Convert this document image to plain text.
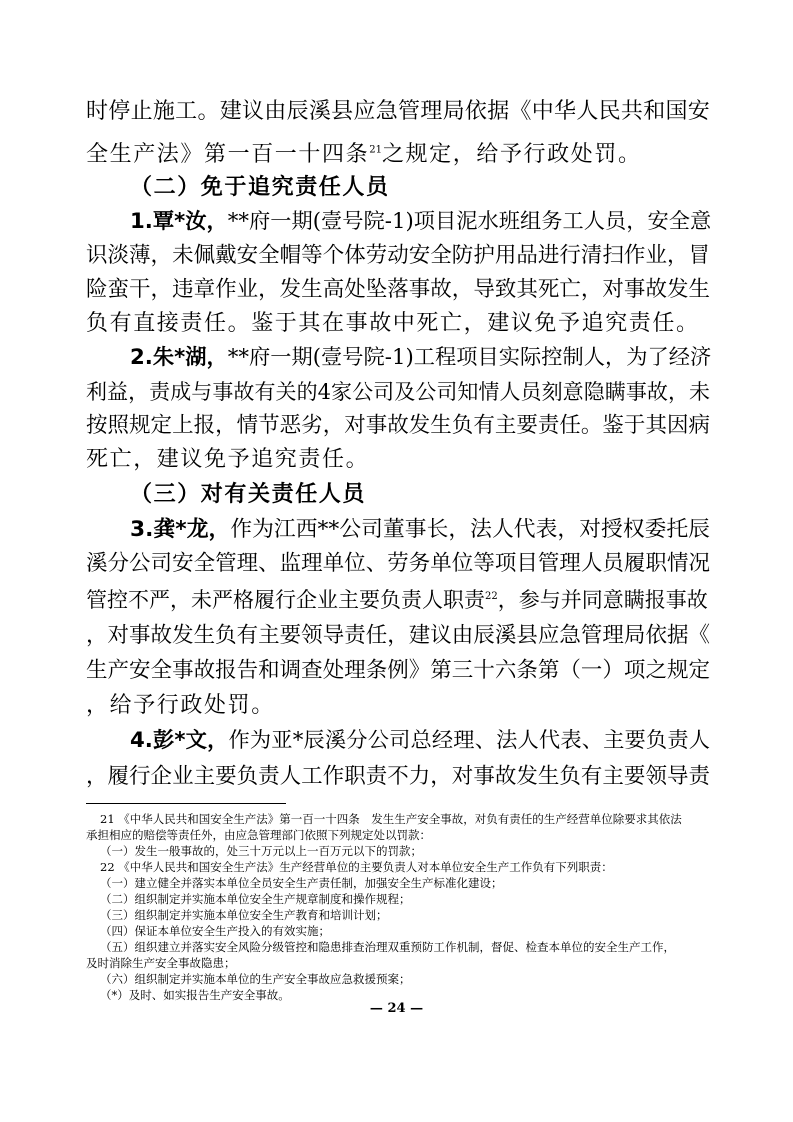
时停止施工。建议由辰溪县应急管理局依据《中华人民共和国安
全生产法》第一百一十四条$^{21}$之规定，给予行政处罚。
（二）免于追究责任人员
1.覃*汝，**府一期(壹号院-1)项目泥水班组务工人员，安全意
识淡薄，未佩戴安全帽等个体劳动安全防护用品进行清扫作业，冒
险蛮干，违章作业，发生高处坠落事故，导致其死亡，对事故发生
负有直接责任。鉴于其在事故中死亡，建议免予追究责任。
2.朱*湖，**府一期(壹号院-1)工程项目实际控制人，为了经济
利益，责成与事故有关的4家公司及公司知情人员刻意隐瞒事故，未
按照规定上报，情节恶劣，对事故发生负有主要责任。鉴于其因病
死亡，建议免予追究责任。
（三）对有关责任人员
3.龚*龙，作为江西**公司董事长，法人代表，对授权委托辰
溪分公司安全管理、监理单位、劳务单位等项目管理人员履职情况
管控不严，未严格履行企业主要负责人职责$^{22}$，参与并同意瞒报事故
，对事故发生负有主要领导责任，建议由辰溪县应急管理局依据《
生产安全事故报告和调查处理条例》第三十六条第（一）项之规定
，给予行政处罚。
4.彭*文，作为亚*辰溪分公司总经理、法人代表、主要负责人
，履行企业主要负责人工作职责不力，对事故发生负有主要领导责
21 《中华人民共和国安全生产法》第一百一十四条　发生生产安全事故，对负有责任的生产经营单位除要求其依法
承担相应的赔偿等责任外，由应急管理部门依照下列规定处以罚款：
（一）发生一般事故的，处三十万元以上一百万元以下的罚款；
22 《中华人民共和国安全生产法》生产经营单位的主要负责人对本单位安全生产工作负有下列职责：
（一）建立健全并落实本单位全员安全生产责任制，加强安全生产标准化建设；
（二）组织制定并实施本单位安全生产规章制度和操作规程；
（三）组织制定并实施本单位安全生产教育和培训计划；
（四）保证本单位安全生产投入的有效实施；
（五）组织建立并落实安全风险分级管控和隐患排查治理双重预防工作机制，督促、检查本单位的安全生产工作，
及时消除生产安全事故隐患；
（六）组织制定并实施本单位的生产安全事故应急救援预案；
（*）及时、如实报告生产安全事故。
— 24 —
